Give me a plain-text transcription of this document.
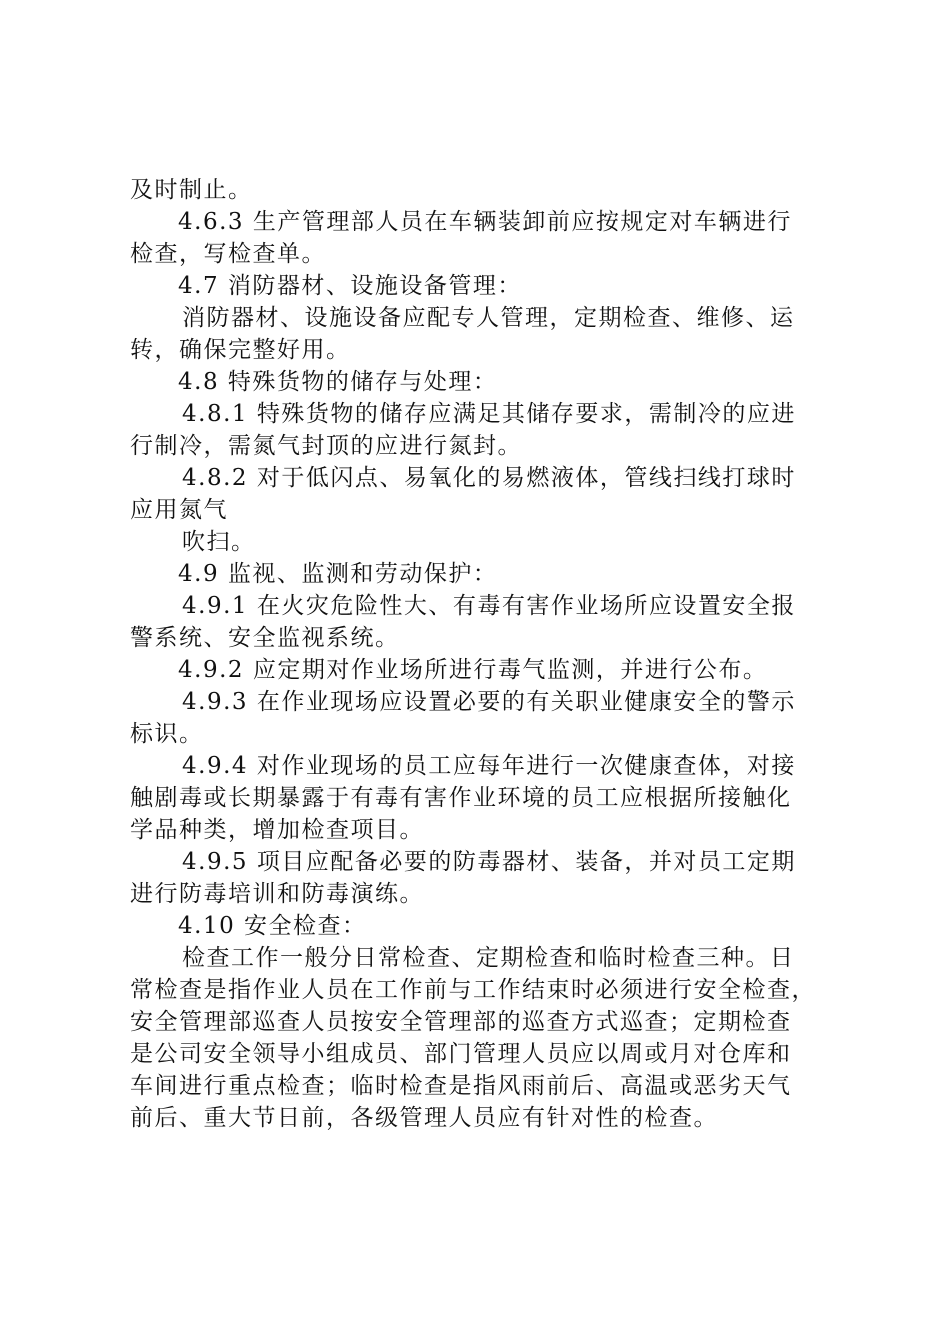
及时制止。
4.6.3 生产管理部人员在车辆装卸前应按规定对车辆进行
检查，写检查单。
4.7 消防器材、设施设备管理：
消防器材、设施设备应配专人管理，定期检查、维修、运
转，确保完整好用。
4.8 特殊货物的储存与处理：
4.8.1 特殊货物的储存应满足其储存要求，需制冷的应进
行制冷，需氮气封顶的应进行氮封。
4.8.2 对于低闪点、易氧化的易燃液体，管线扫线打球时
应用氮气
吹扫。
4.9 监视、监测和劳动保护：
4.9.1 在火灾危险性大、有毒有害作业场所应设置安全报
警系统、安全监视系统。
4.9.2 应定期对作业场所进行毒气监测，并进行公布。
4.9.3 在作业现场应设置必要的有关职业健康安全的警示
标识。
4.9.4 对作业现场的员工应每年进行一次健康查体，对接
触剧毒或长期暴露于有毒有害作业环境的员工应根据所接触化
学品种类，增加检查项目。
4.9.5 项目应配备必要的防毒器材、装备，并对员工定期
进行防毒培训和防毒演练。
4.10 安全检查：
检查工作一般分日常检查、定期检查和临时检查三种。日
常检查是指作业人员在工作前与工作结束时必须进行安全检查，
安全管理部巡查人员按安全管理部的巡查方式巡查；定期检查
是公司安全领导小组成员、部门管理人员应以周或月对仓库和
车间进行重点检查；临时检查是指风雨前后、高温或恶劣天气
前后、重大节日前，各级管理人员应有针对性的检查。
